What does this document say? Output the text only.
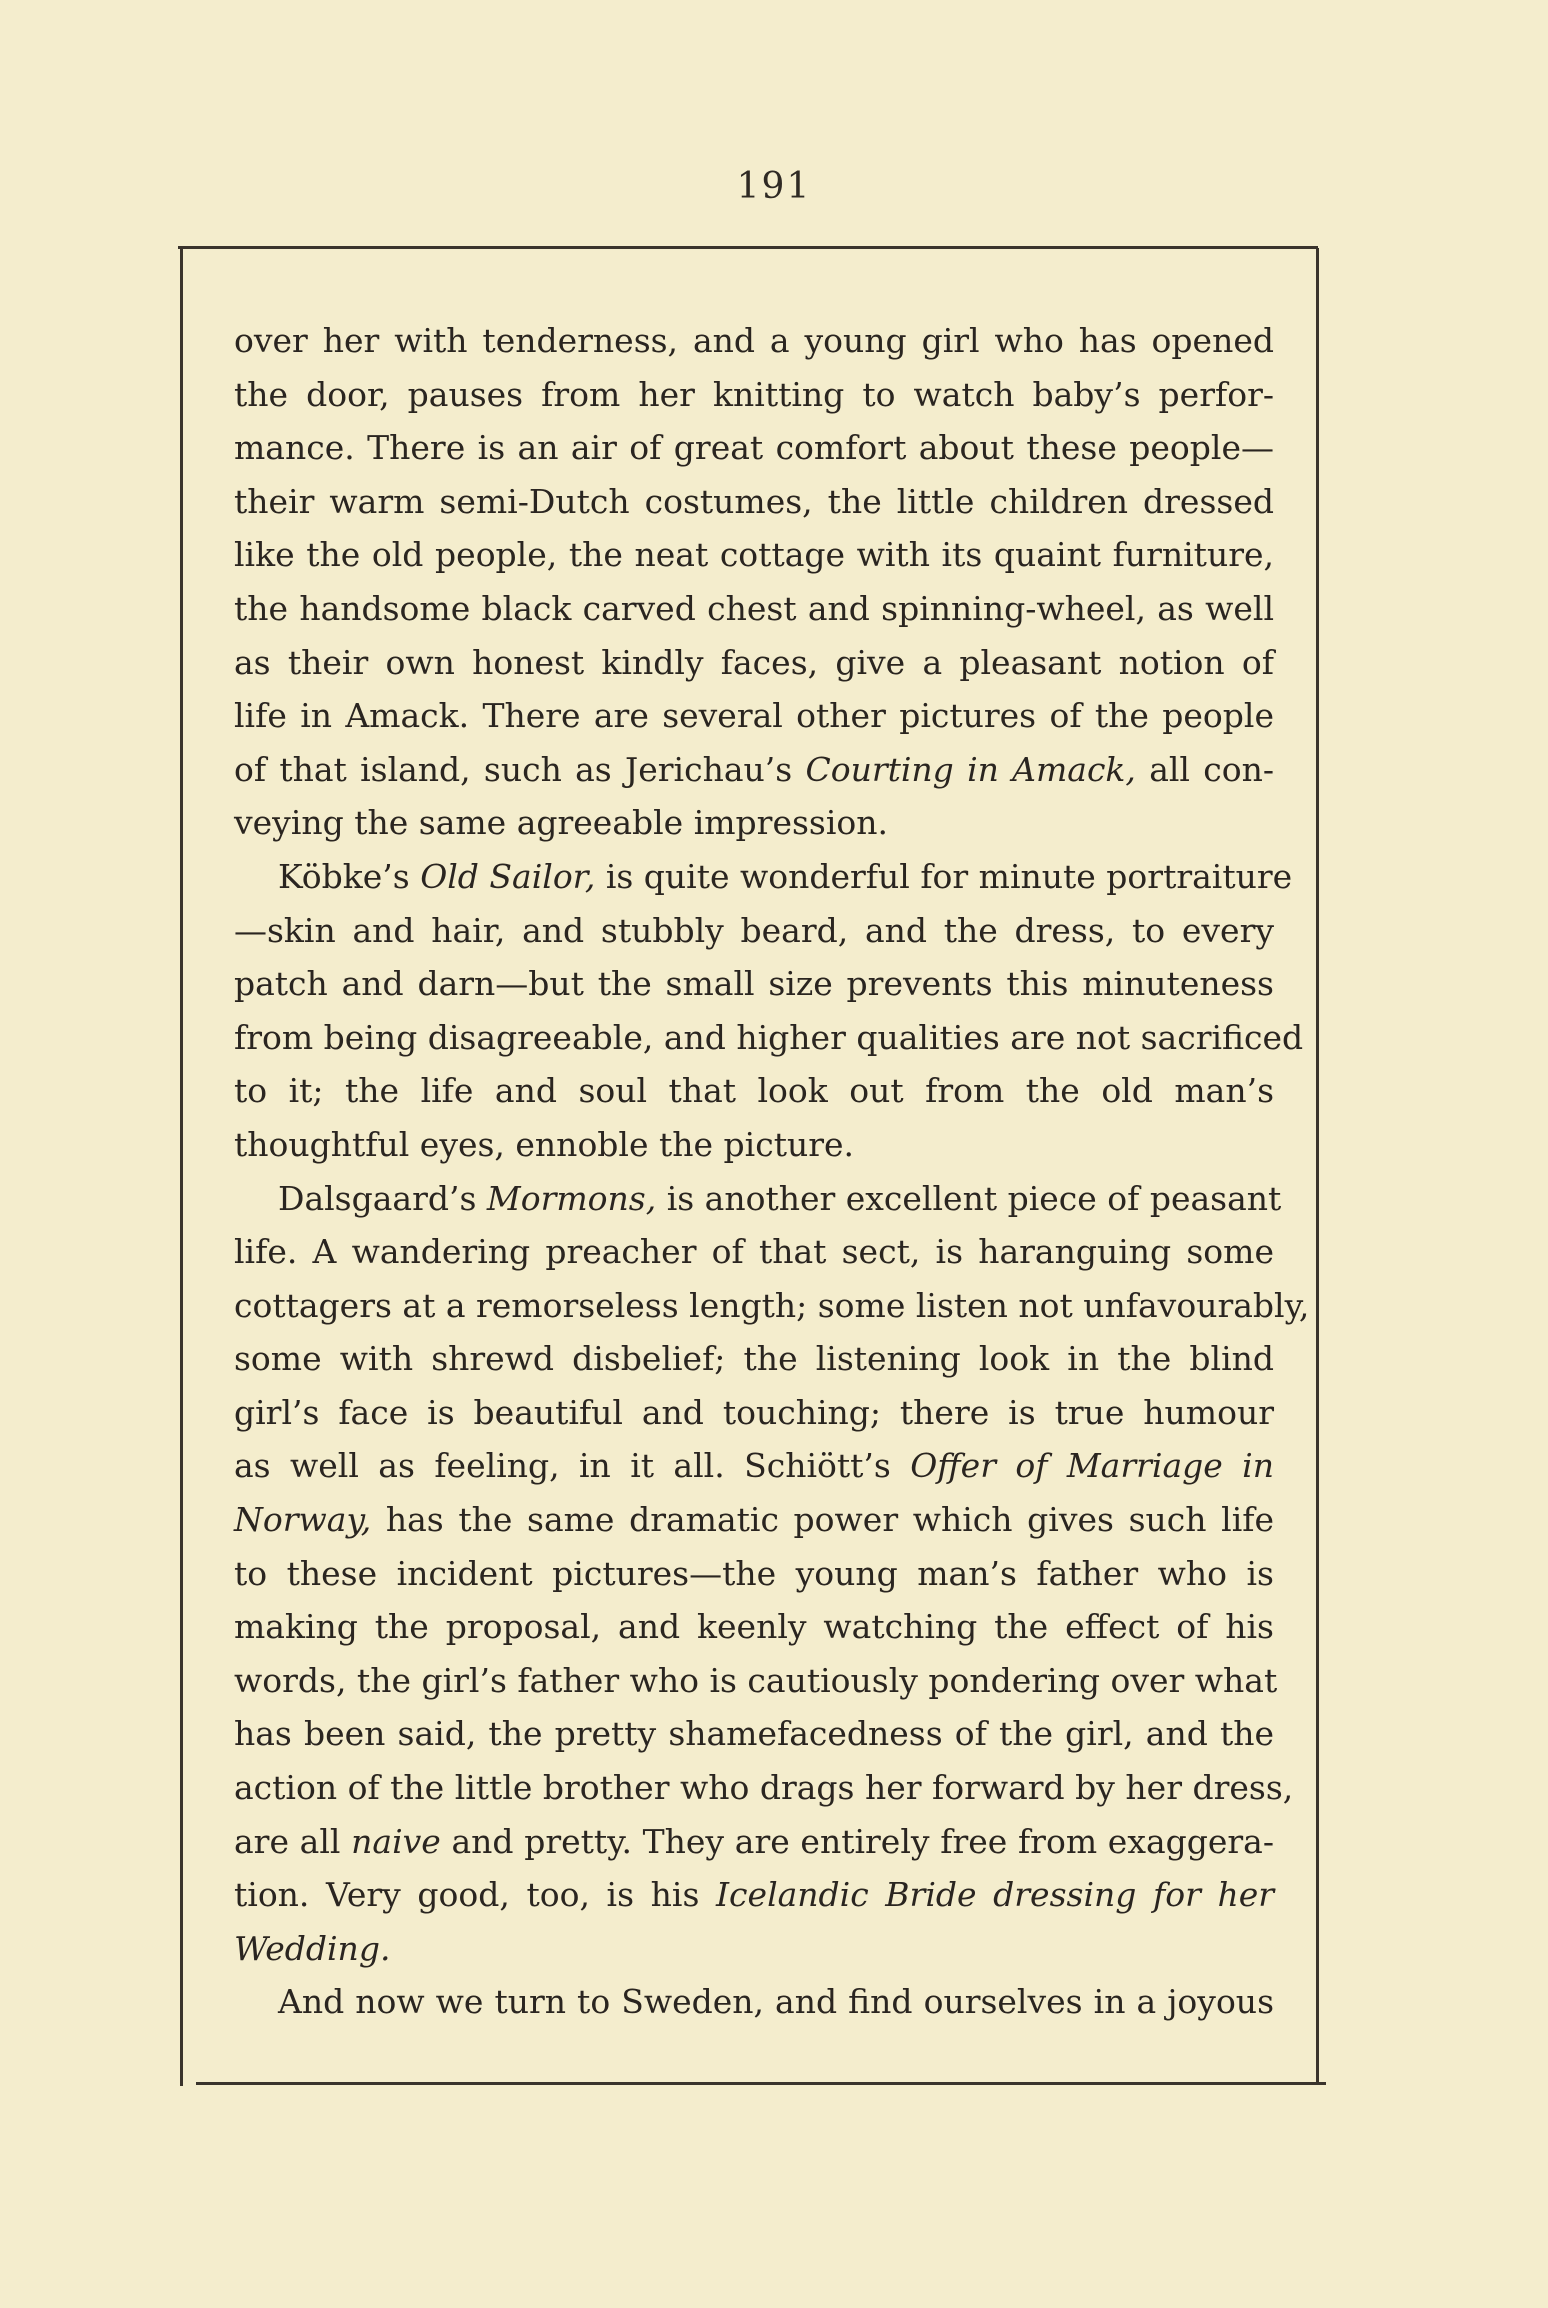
191
over her with tenderness, and a young girl who has opened
the door, pauses from her knitting to watch baby’s perfor-
mance. There is an air of great comfort about these people—
their warm semi-Dutch costumes, the little children dressed
like the old people, the neat cottage with its quaint furniture,
the handsome black carved chest and spinning-wheel, as well
as their own honest kindly faces, give a pleasant notion of
life in Amack. There are several other pictures of the people
of that island, such as Jerichau’s Courting in Amack, all con-
veying the same agreeable impression.
Köbke’s Old Sailor, is quite wonderful for minute portraiture
—skin and hair, and stubbly beard, and the dress, to every
patch and darn—but the small size prevents this minuteness
from being disagreeable, and higher qualities are not sacrificed
to it; the life and soul that look out from the old man’s
thoughtful eyes, ennoble the picture.
Dalsgaard’s Mormons, is another excellent piece of peasant
life. A wandering preacher of that sect, is haranguing some
cottagers at a remorseless length; some listen not unfavourably,
some with shrewd disbelief; the listening look in the blind
girl’s face is beautiful and touching; there is true humour
as well as feeling, in it all. Schiött’s Offer of Marriage in
Norway, has the same dramatic power which gives such life
to these incident pictures—the young man’s father who is
making the proposal, and keenly watching the effect of his
words, the girl’s father who is cautiously pondering over what
has been said, the pretty shamefacedness of the girl, and the
action of the little brother who drags her forward by her dress,
are all naive and pretty. They are entirely free from exaggera-
tion. Very good, too, is his Icelandic Bride dressing for her
Wedding.
And now we turn to Sweden, and find ourselves in a joyous
